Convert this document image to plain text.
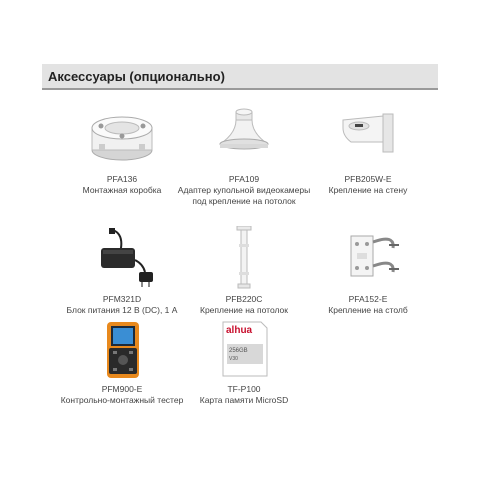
Аксессуары (опционально)
PFA136
Монтажная коробка
PFA109
Адаптер купольной видеокамеры под крепление на потолок
PFB205W-E
Крепление на стену
PFM321D
Блок питания 12 В (DC), 1 A
PFB220C
Крепление на потолок
PFA152-E
Крепление на столб
PFM900-E
Контрольно-монтажный тестер
alhua
256GB
V30
TF-P100
Карта памяти MicroSD
